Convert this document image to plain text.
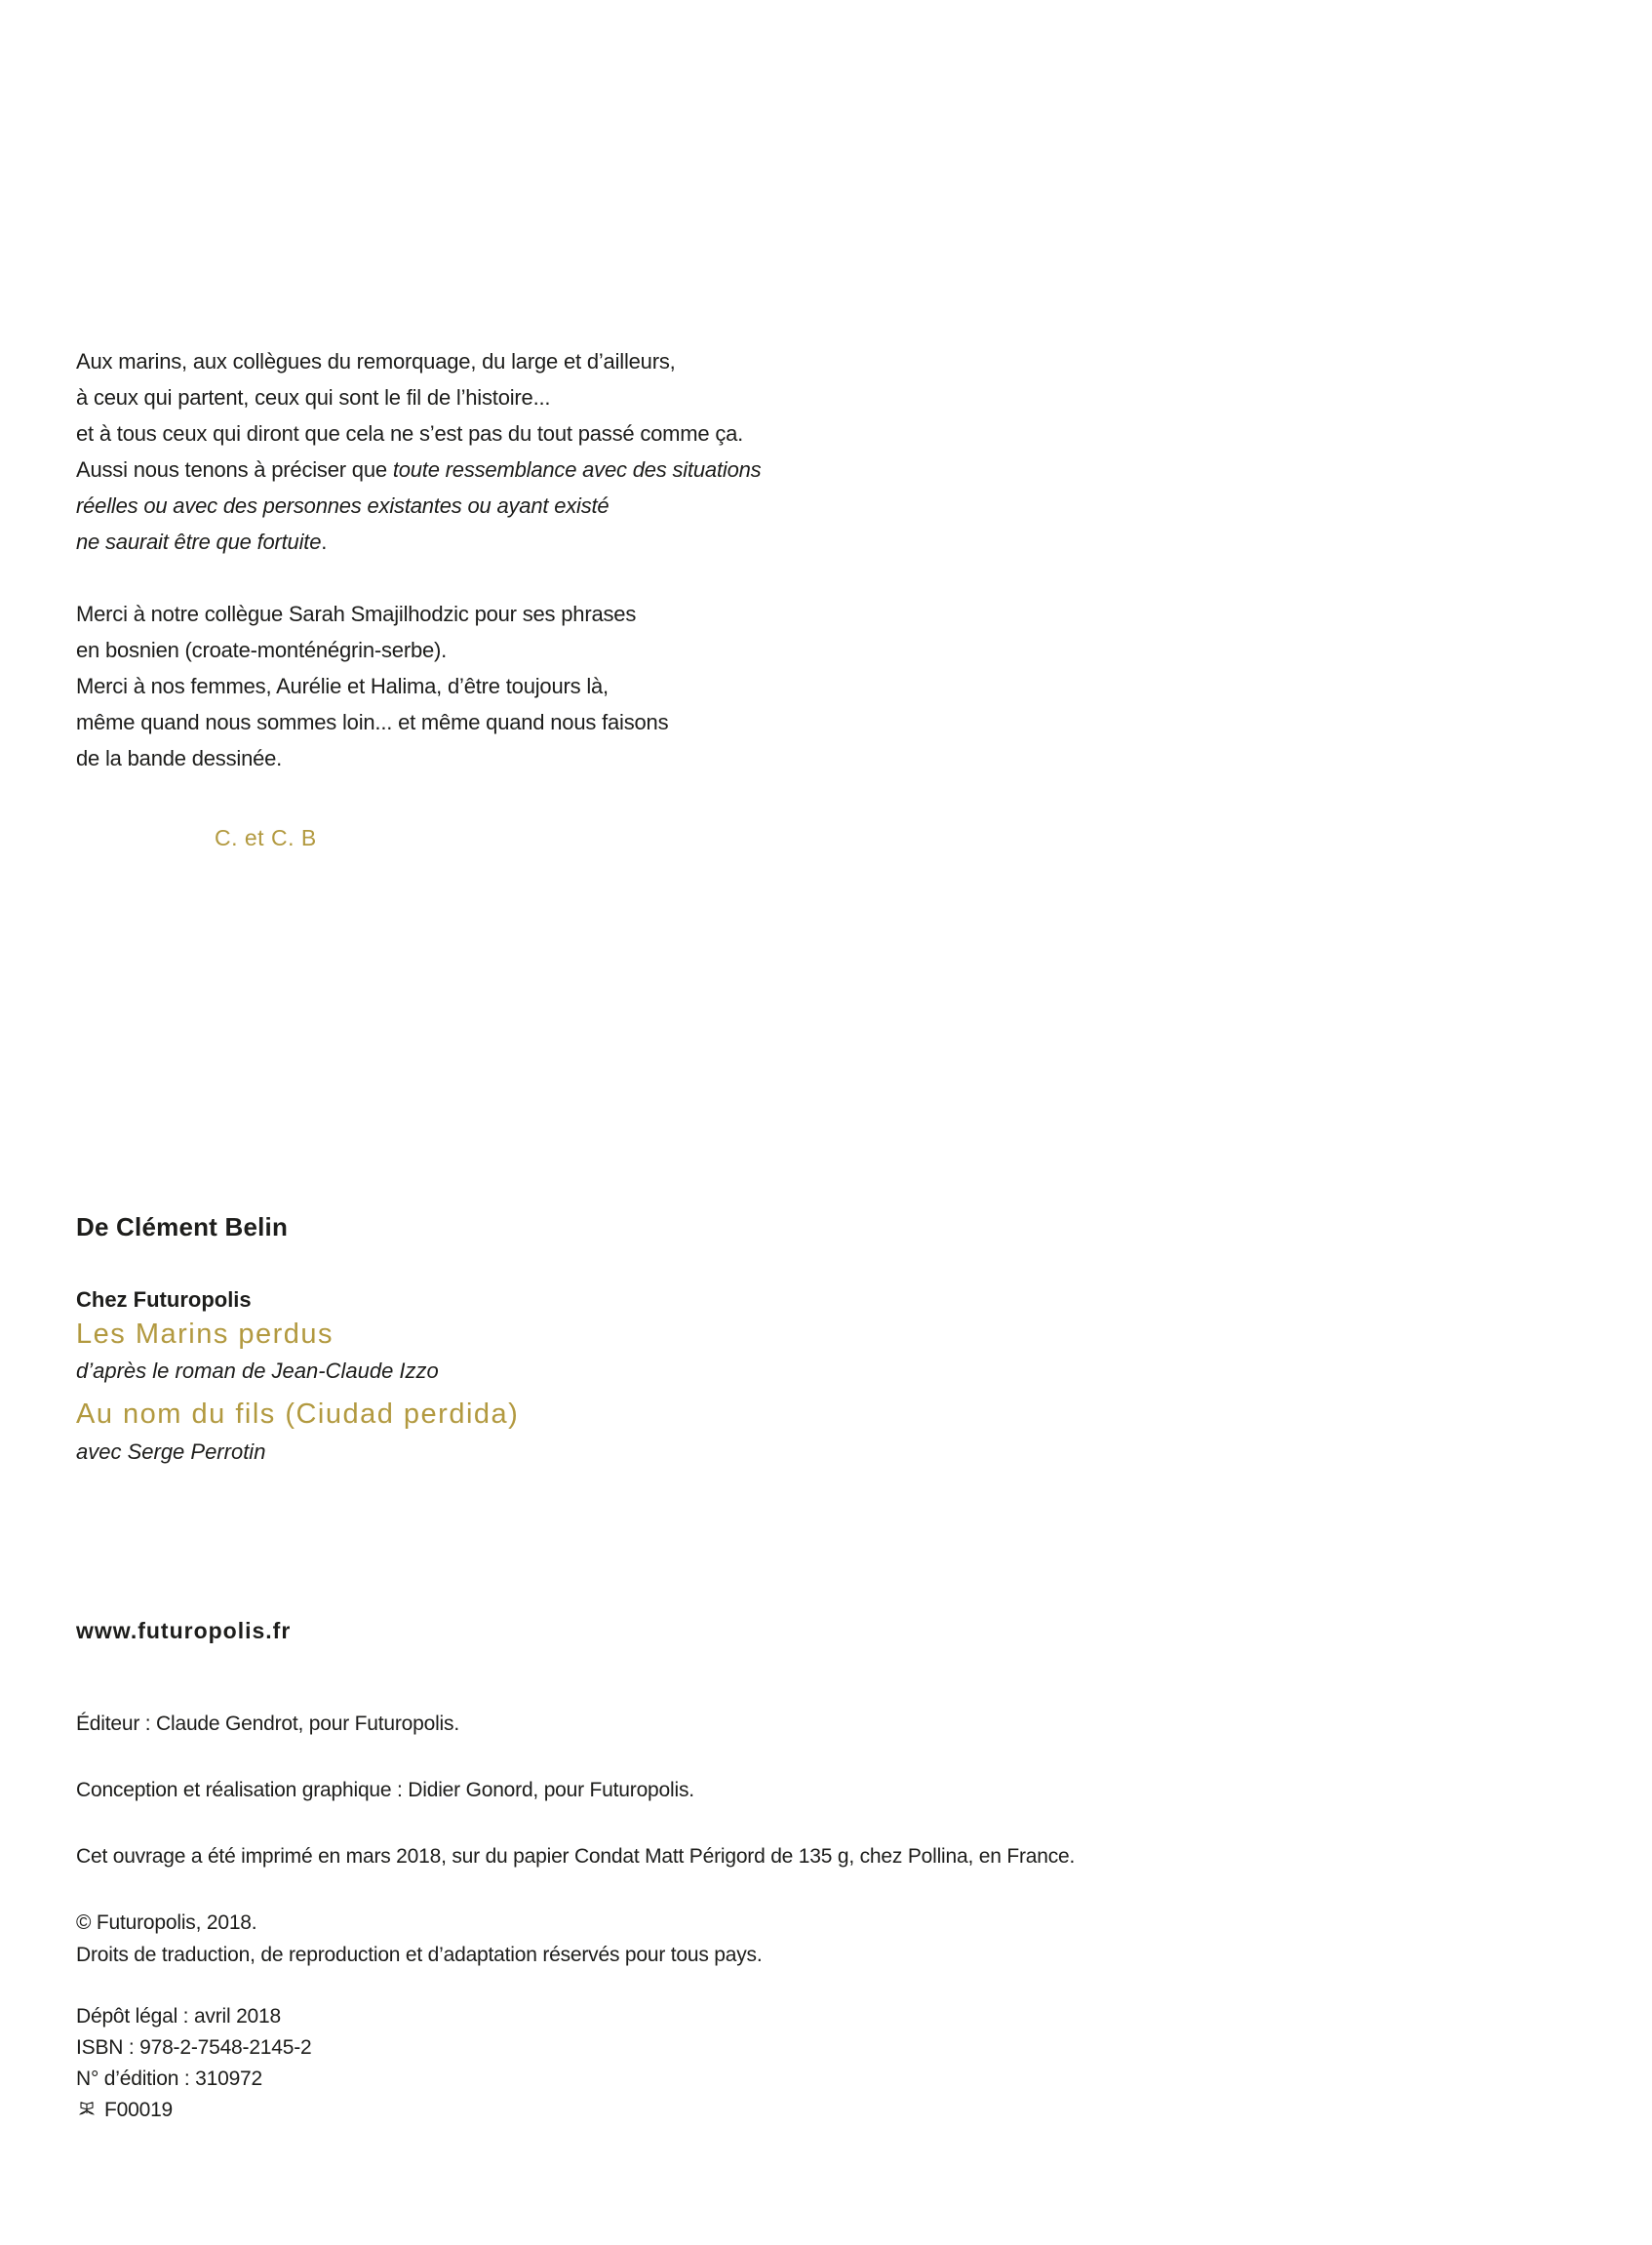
Aux marins, aux collègues du remorquage, du large et d’ailleurs,
à ceux qui partent, ceux qui sont le fil de l’histoire...
et à tous ceux qui diront que cela ne s’est pas du tout passé comme ça.
Aussi nous tenons à préciser que toute ressemblance avec des situations
réelles ou avec des personnes existantes ou ayant existé
ne saurait être que fortuite.
Merci à notre collègue Sarah Smajilhodzic pour ses phrases
en bosnien (croate-monténégrin-serbe).
Merci à nos femmes, Aurélie et Halima, d’être toujours là,
même quand nous sommes loin... et même quand nous faisons
de la bande dessinée.
C. et C. B
De Clément Belin
Chez Futuropolis
Les Marins perdus
d’après le roman de Jean-Claude Izzo
Au nom du fils (Ciudad perdida)
avec Serge Perrotin
www.futuropolis.fr
Éditeur : Claude Gendrot, pour Futuropolis.
Conception et réalisation graphique : Didier Gonord, pour Futuropolis.
Cet ouvrage a été imprimé en mars 2018, sur du papier Condat Matt Périgord de 135 g, chez Pollina, en France.
© Futuropolis, 2018.
Droits de traduction, de reproduction et d’adaptation réservés pour tous pays.
Dépôt légal : avril 2018
ISBN : 978-2-7548-2145-2
N° d’édition : 310972
F00019
